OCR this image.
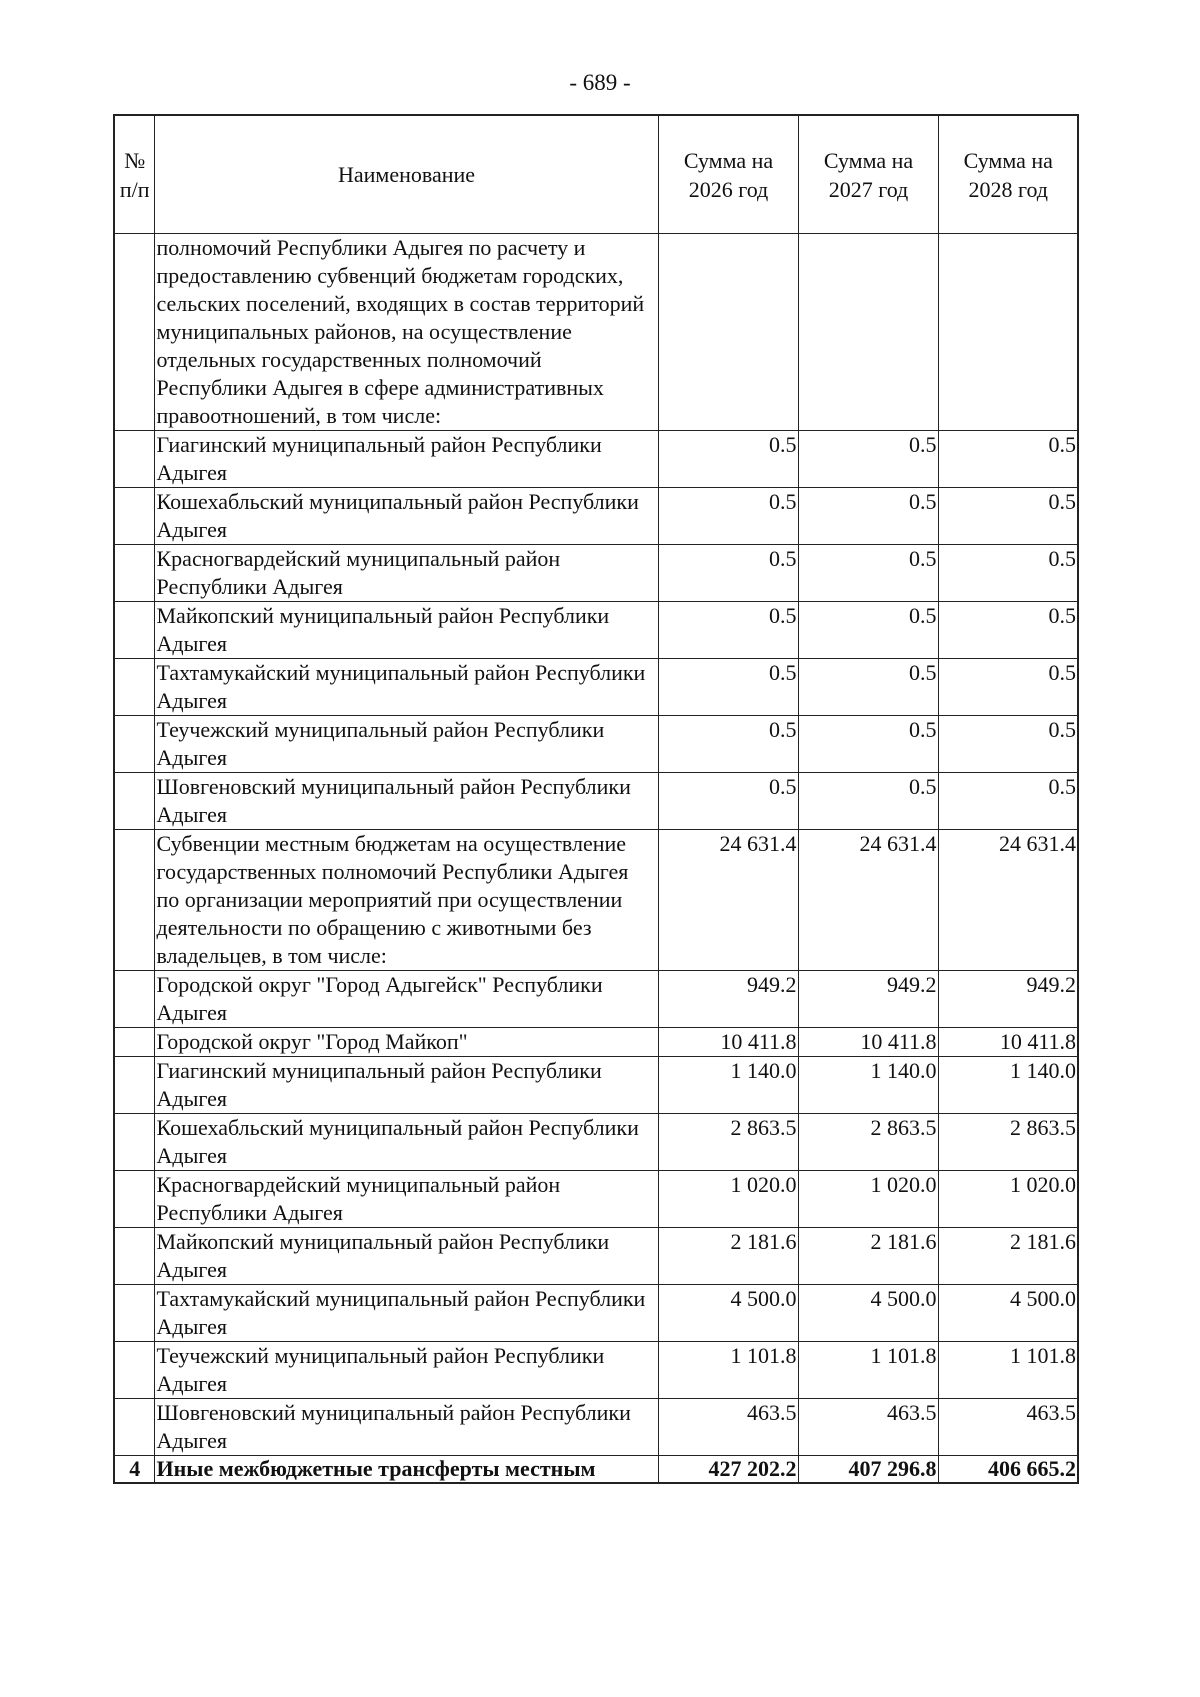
- 689 -
№ п/п	Наименование	Сумма на 2026 год	Сумма на 2027 год	Сумма на 2028 год
	полномочий Республики Адыгея по расчету и предоставлению субвенций бюджетам городских, сельских поселений, входящих в состав территорий муниципальных районов, на осуществление отдельных государственных полномочий Республики Адыгея в сфере административных правоотношений, в том числе:			
	Гиагинский муниципальный район Республики Адыгея	0.5	0.5	0.5
	Кошехабльский муниципальный район Республики Адыгея	0.5	0.5	0.5
	Красногвардейский муниципальный район Республики Адыгея	0.5	0.5	0.5
	Майкопский муниципальный район Республики Адыгея	0.5	0.5	0.5
	Тахтамукайский муниципальный район Республики Адыгея	0.5	0.5	0.5
	Теучежский муниципальный район Республики Адыгея	0.5	0.5	0.5
	Шовгеновский муниципальный район Республики Адыгея	0.5	0.5	0.5
	Субвенции местным бюджетам на осуществление государственных полномочий Республики Адыгея по организации мероприятий при осуществлении деятельности по обращению с животными без владельцев, в том числе:	24 631.4	24 631.4	24 631.4
	Городской округ "Город Адыгейск" Республики Адыгея	949.2	949.2	949.2
	Городской округ "Город Майкоп"	10 411.8	10 411.8	10 411.8
	Гиагинский муниципальный район Республики Адыгея	1 140.0	1 140.0	1 140.0
	Кошехабльский муниципальный район Республики Адыгея	2 863.5	2 863.5	2 863.5
	Красногвардейский муниципальный район Республики Адыгея	1 020.0	1 020.0	1 020.0
	Майкопский муниципальный район Республики Адыгея	2 181.6	2 181.6	2 181.6
	Тахтамукайский муниципальный район Республики Адыгея	4 500.0	4 500.0	4 500.0
	Теучежский муниципальный район Республики Адыгея	1 101.8	1 101.8	1 101.8
	Шовгеновский муниципальный район Республики Адыгея	463.5	463.5	463.5
4	Иные межбюджетные трансферты местным	427 202.2	407 296.8	406 665.2
